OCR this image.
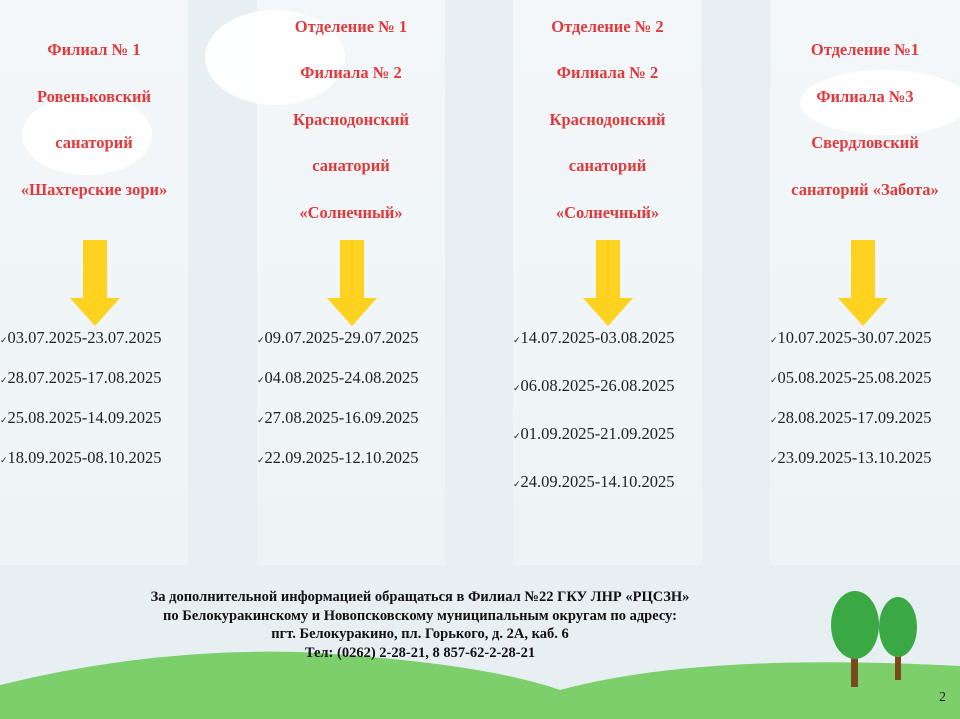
Филиал № 1
Ровеньковский
санаторий
«Шахтерские зори»
Отделение № 1
Филиала № 2
Краснодонский
санаторий
«Солнечный»
Отделение № 2
Филиала № 2
Краснодонский
санаторий
«Солнечный»
Отделение №1
Филиала №3
Свердловский
санаторий «Забота»
✓03.07.2025-23.07.2025
✓28.07.2025-17.08.2025
✓25.08.2025-14.09.2025
✓18.09.2025-08.10.2025
✓09.07.2025-29.07.2025
✓04.08.2025-24.08.2025
✓27.08.2025-16.09.2025
✓22.09.2025-12.10.2025
✓14.07.2025-03.08.2025
✓06.08.2025-26.08.2025
✓01.09.2025-21.09.2025
✓24.09.2025-14.10.2025
✓10.07.2025-30.07.2025
✓05.08.2025-25.08.2025
✓28.08.2025-17.09.2025
✓23.09.2025-13.10.2025
За дополнительной информацией обращаться в Филиал №22 ГКУ ЛНР «РЦСЗН»
по Белокуракинскому и Новопсковскому муниципальным округам по адресу:
пгт. Белокуракино, пл. Горького, д. 2А, каб. 6
Тел: (0262) 2-28-21, 8 857-62-2-28-21
2
